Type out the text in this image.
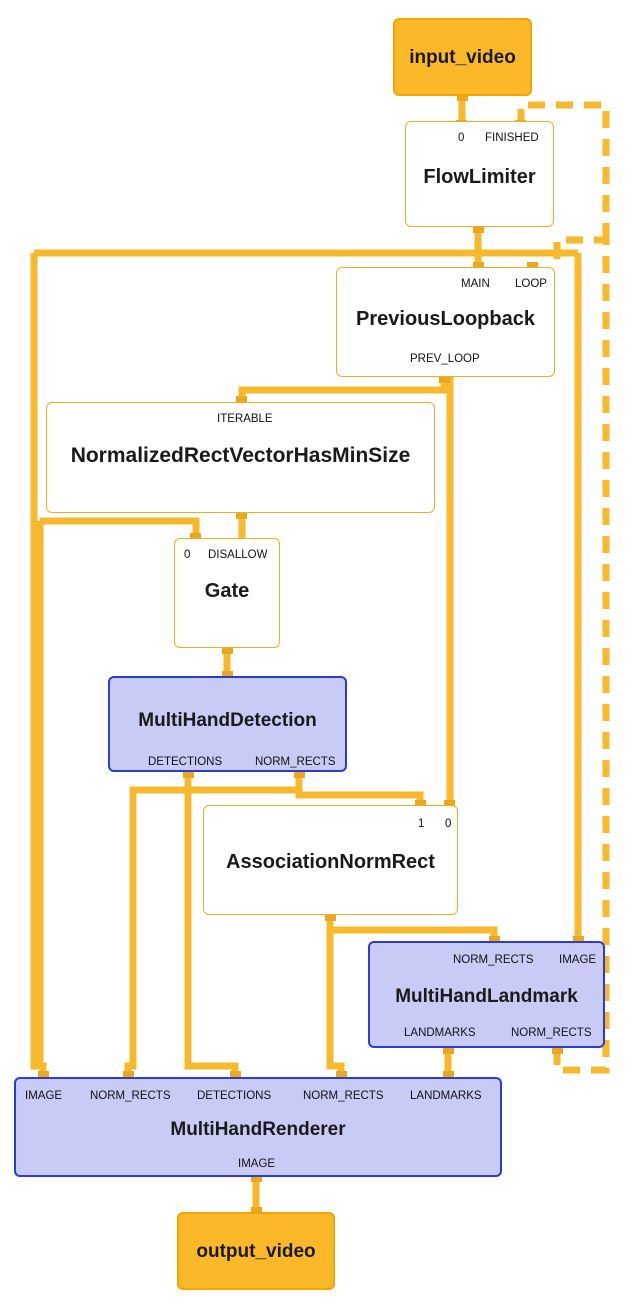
input_video
0 FINISHED
FlowLimiter
MAIN LOOP
PreviousLoopback
PREV_LOOP
ITERABLE
NormalizedRectVectorHasMinSize
0 DISALLOW
Gate
MultiHandDetection
DETECTIONS	NORM_RECTS
1 0
AssociationNormRect
NORM_RECTS IMAGE
MultiHandLandmark
LANDMARKS	NORM_RECTS
IMAGE NORM_RECTS DETECTIONS	NORM_RECTS LANDMARKS
MultiHandRenderer
IMAGE
output_video
